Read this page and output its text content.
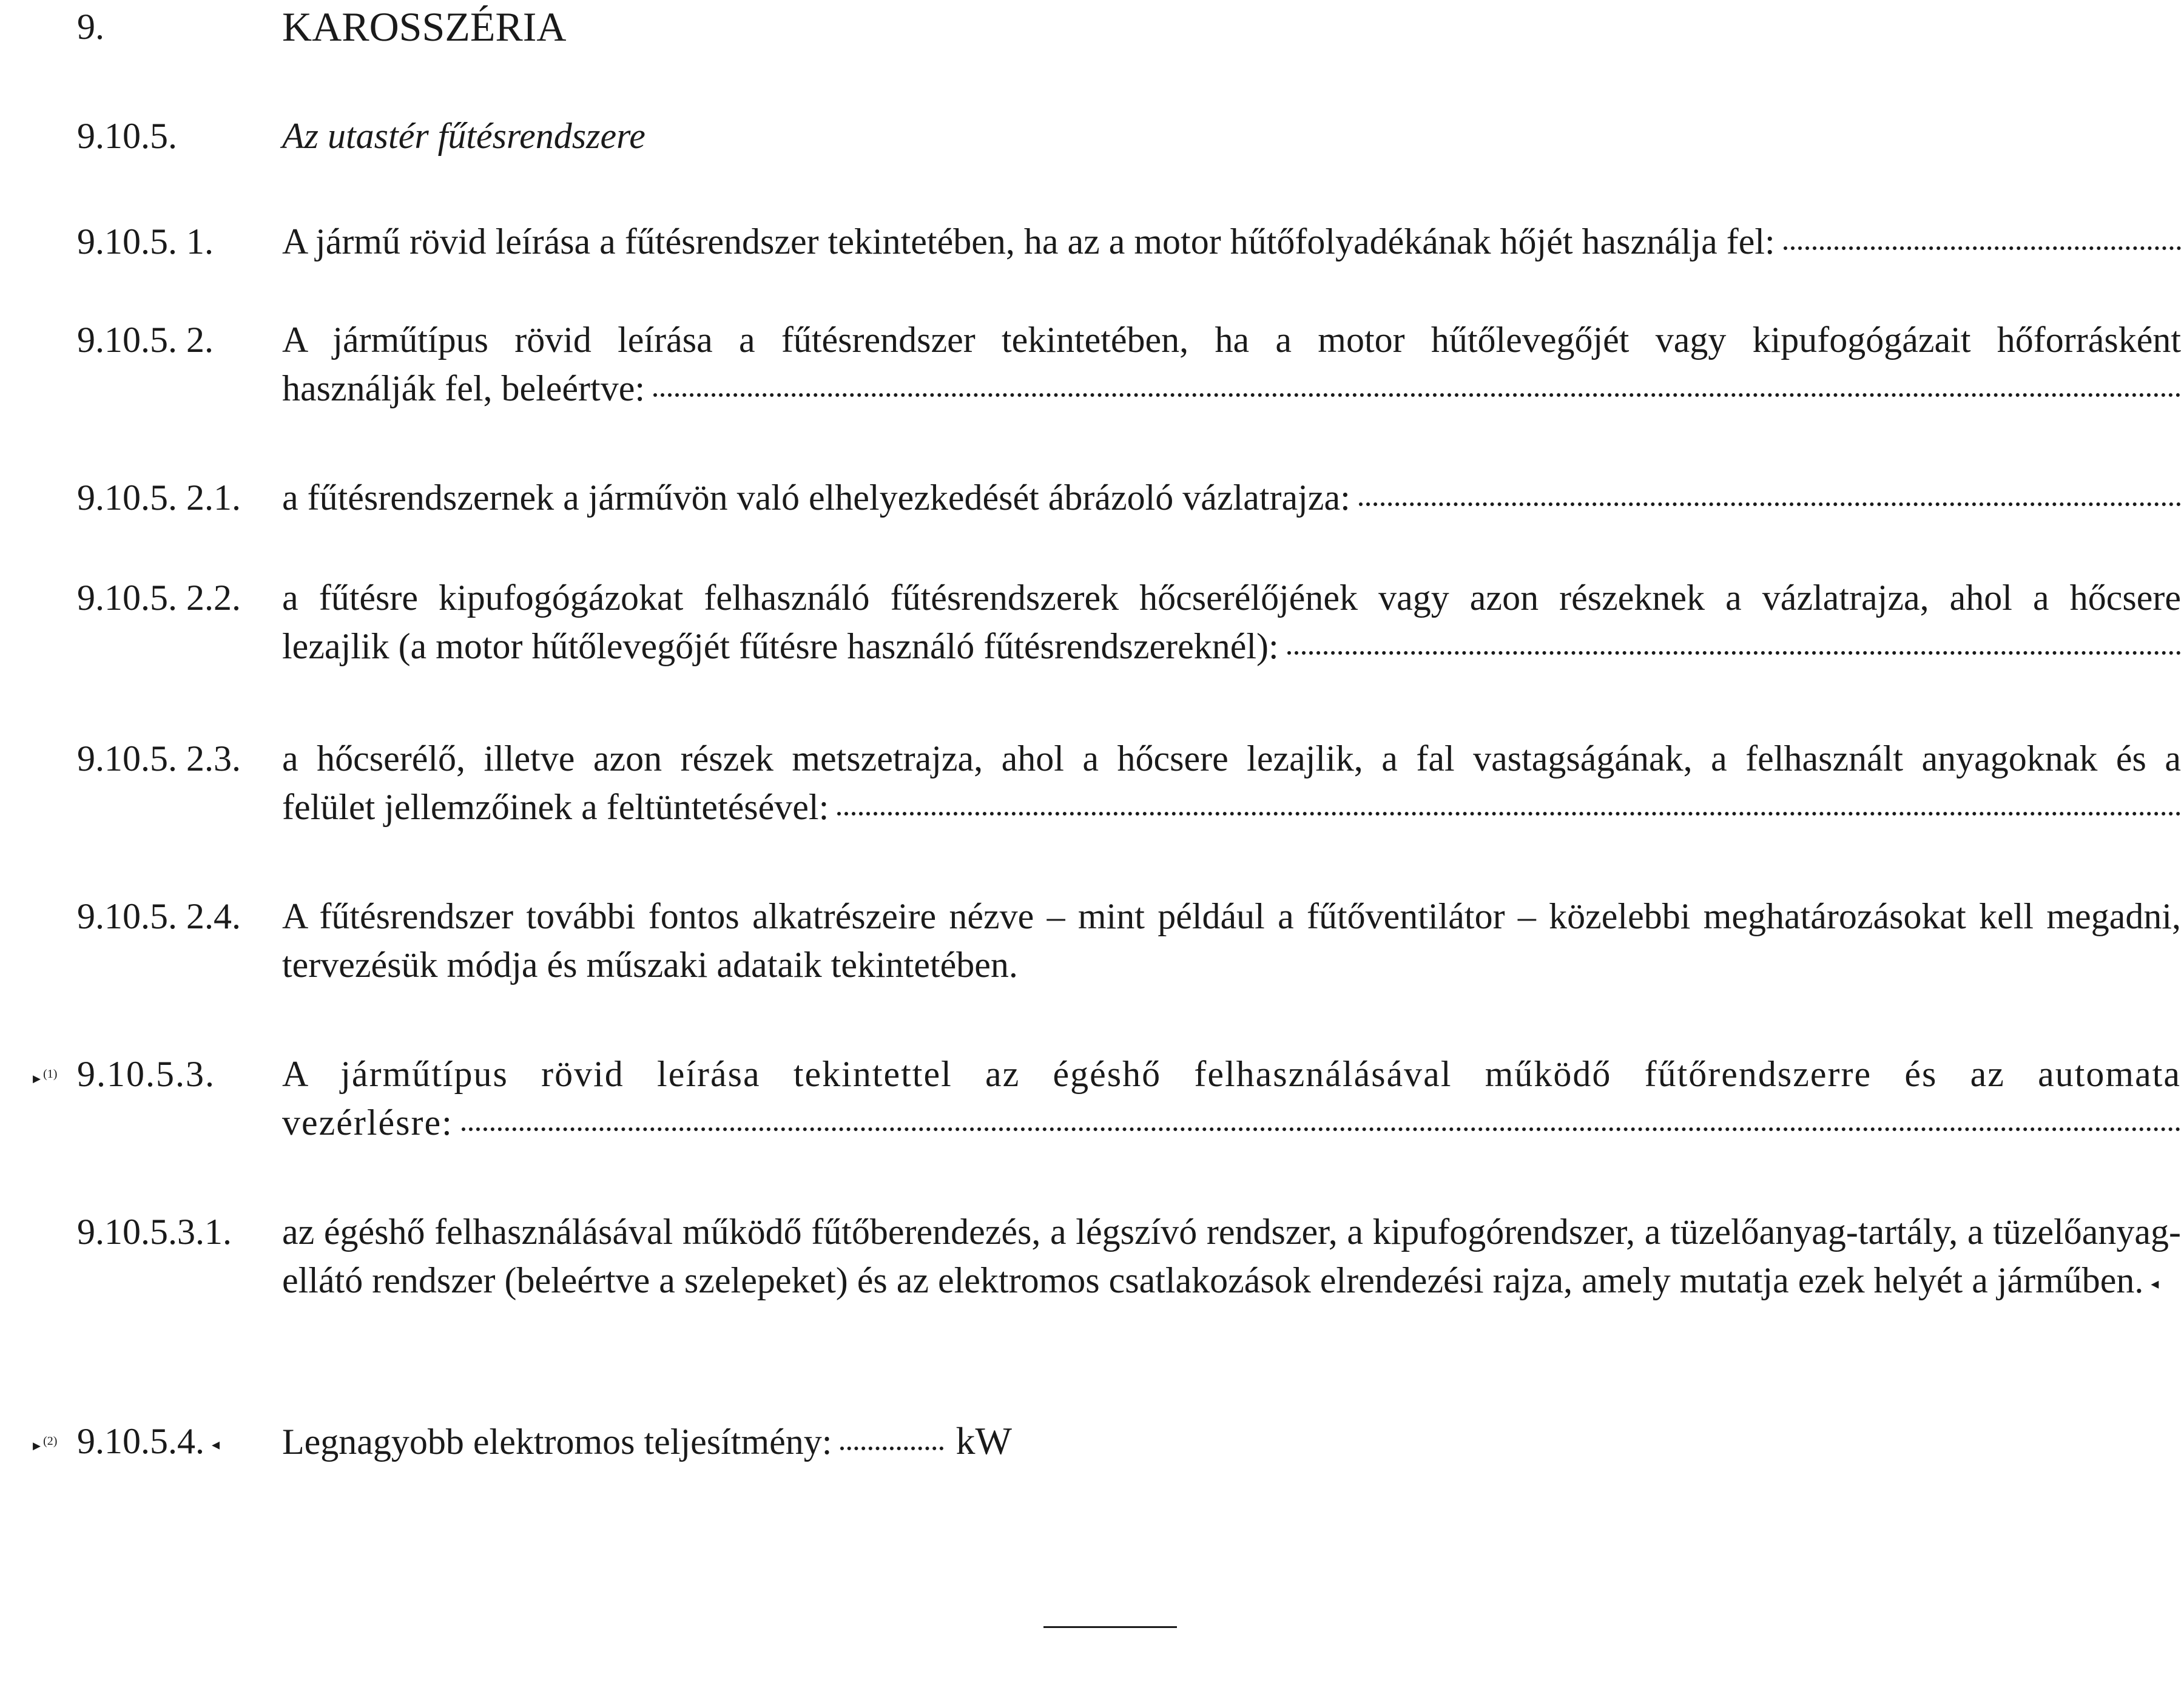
9.	KAROSSZÉRIA
9.10.5.	Az utastér fűtésrendszere
9.10.5. 1. A jármű rövid leírása a fűtésrendszer tekintetében, ha az a motor hűtőfolyadékának hőjét használja fel:
9.10.5. 2. A járműtípus rövid leírása a fűtésrendszer tekintetében, ha a motor hűtőlevegőjét vagy kipufogógázait hőforrásként
használják fel, beleértve:
9.10.5. 2.1. a fűtésrendszernek a járművön való elhelyezkedését ábrázoló vázlatrajza:
9.10.5. 2.2. a fűtésre kipufogógázokat felhasználó fűtésrendszerek hőcserélőjének vagy azon részeknek a vázlatrajza, ahol a hőcsere
lezajlik (a motor hűtőlevegőjét fűtésre használó fűtésrendszereknél):
9.10.5. 2.3. a hőcserélő, illetve azon részek metszetrajza, ahol a hőcsere lezajlik, a fal vastagságának, a felhasznált anyagoknak és a
felület jellemzőinek a feltüntetésével:
9.10.5. 2.4. A fűtésrendszer további fontos alkatrészeire nézve – mint például a fűtőventilátor – közelebbi meghatározásokat kell megadni, tervezésük módja és műszaki adataik tekintetében.
▸ $^{(1)}$ 9.10.5.3. A járműtípus rövid leírása tekintettel az égéshő felhasználásával működő fűtőrendszerre és az automata
vezérlésre:
9.10.5.3.1. az égéshő felhasználásával működő fűtőberendezés, a légszívó rendszer, a kipufogórendszer, a tüzelőanyag-tartály, a tüzelőanyag-ellátó rendszer (beleértve a szelepeket) és az elektromos csatlakozások elrendezési rajza, amely mutatja ezek helyét a járműben. ◂
▸ $^{(2)}$ 9.10.5.4. ◂ Legnagyobb elektromos teljesítmény:	kW
